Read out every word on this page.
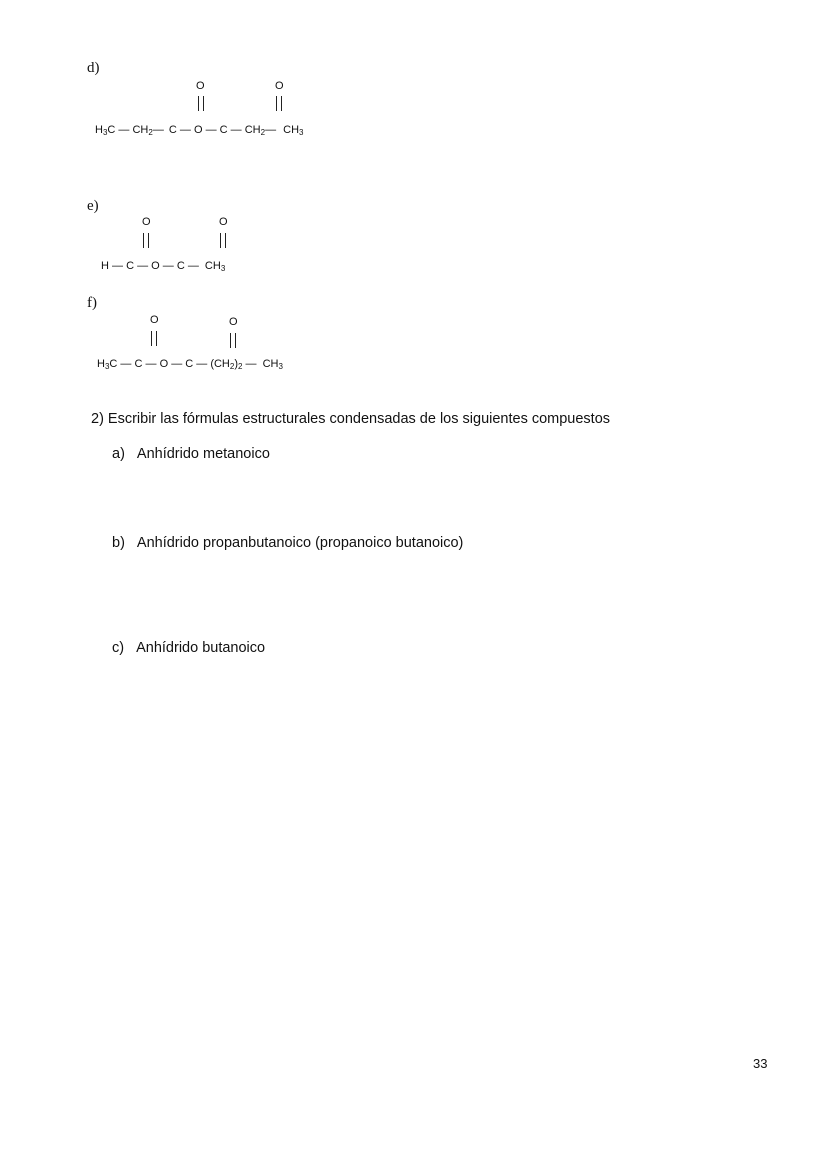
d)
O	O
$H_3C$ — $CH_2—$ C — O — C — $CH_2—$ $CH_3$
e)
O	O
H — C — O — C — $CH_3$
f)
O	O
$H_3C$ — C — O — C — $(CH_2)_2$ — $CH_3$
2) Escribir las fórmulas estructurales condensadas de los siguientes compuestos
a) Anhídrido metanoico
b) Anhídrido propanbutanoico (propanoico butanoico)
c) Anhídrido butanoico
33
